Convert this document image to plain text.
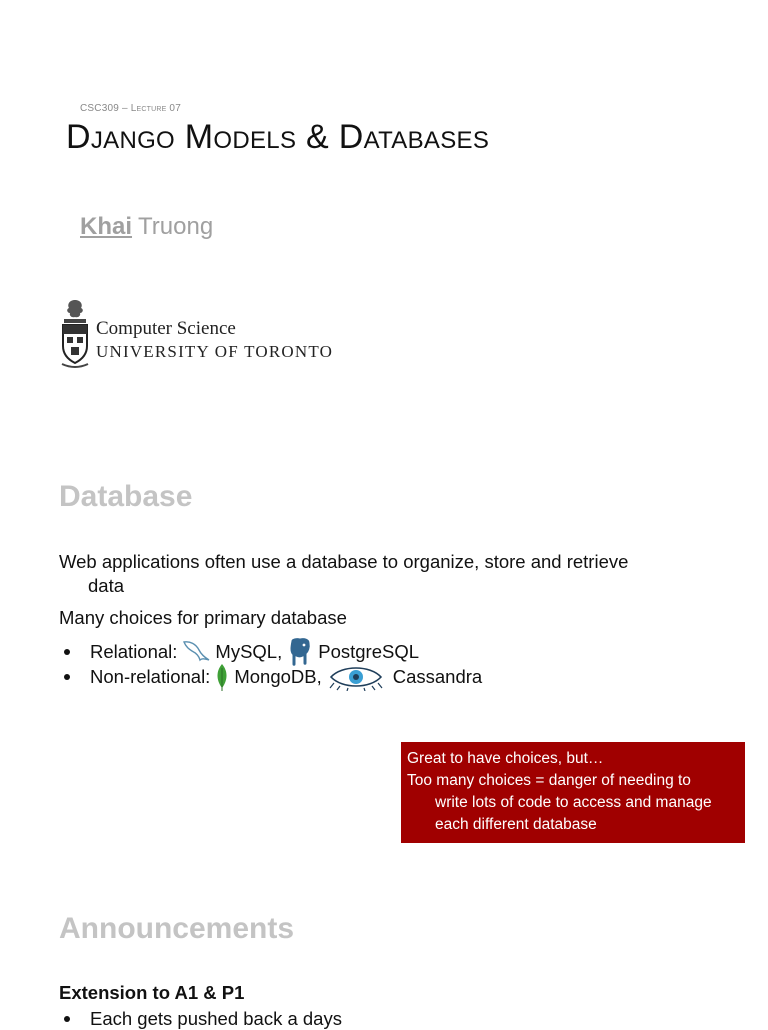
CSC309 – Lecture 07
Django Models & Databases
Khai Truong
Computer Science
UNIVERSITY OF TORONTO
Database
Web applications often use a database to organize, store and retrieve
data
Many choices for primary database
Relational: MySQL, PostgreSQL
Non-relational: MongoDB,	Cassandra
Great to have choices, but…
Too many choices = danger of needing to
write lots of code to access and manage
each different database
Announcements
Extension to A1 & P1
Each gets pushed back a days
